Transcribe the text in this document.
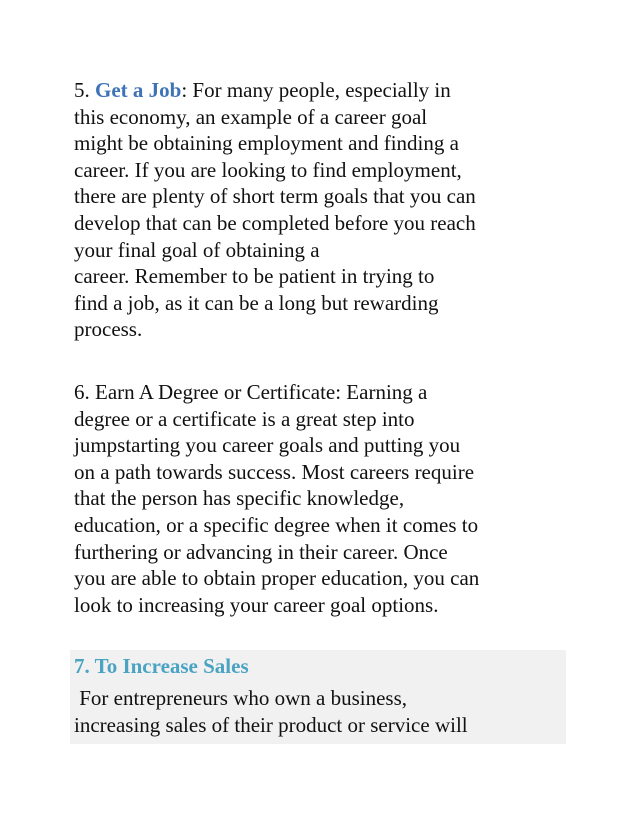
5. Get a Job: For many people, especially in
this economy, an example of a career goal
might be obtaining employment and finding a
career. If you are looking to find employment,
there are plenty of short term goals that you can
develop that can be completed before you reach
your final goal of obtaining a
career. Remember to be patient in trying to
find a job, as it can be a long but rewarding
process.
6. Earn A Degree or Certificate: Earning a
degree or a certificate is a great step into
jumpstarting you career goals and putting you
on a path towards success. Most careers require
that the person has specific knowledge,
education, or a specific degree when it comes to
furthering or advancing in their career. Once
you are able to obtain proper education, you can
look to increasing your career goal options.
7. To Increase Sales
For entrepreneurs who own a business,
increasing sales of their product or service will
